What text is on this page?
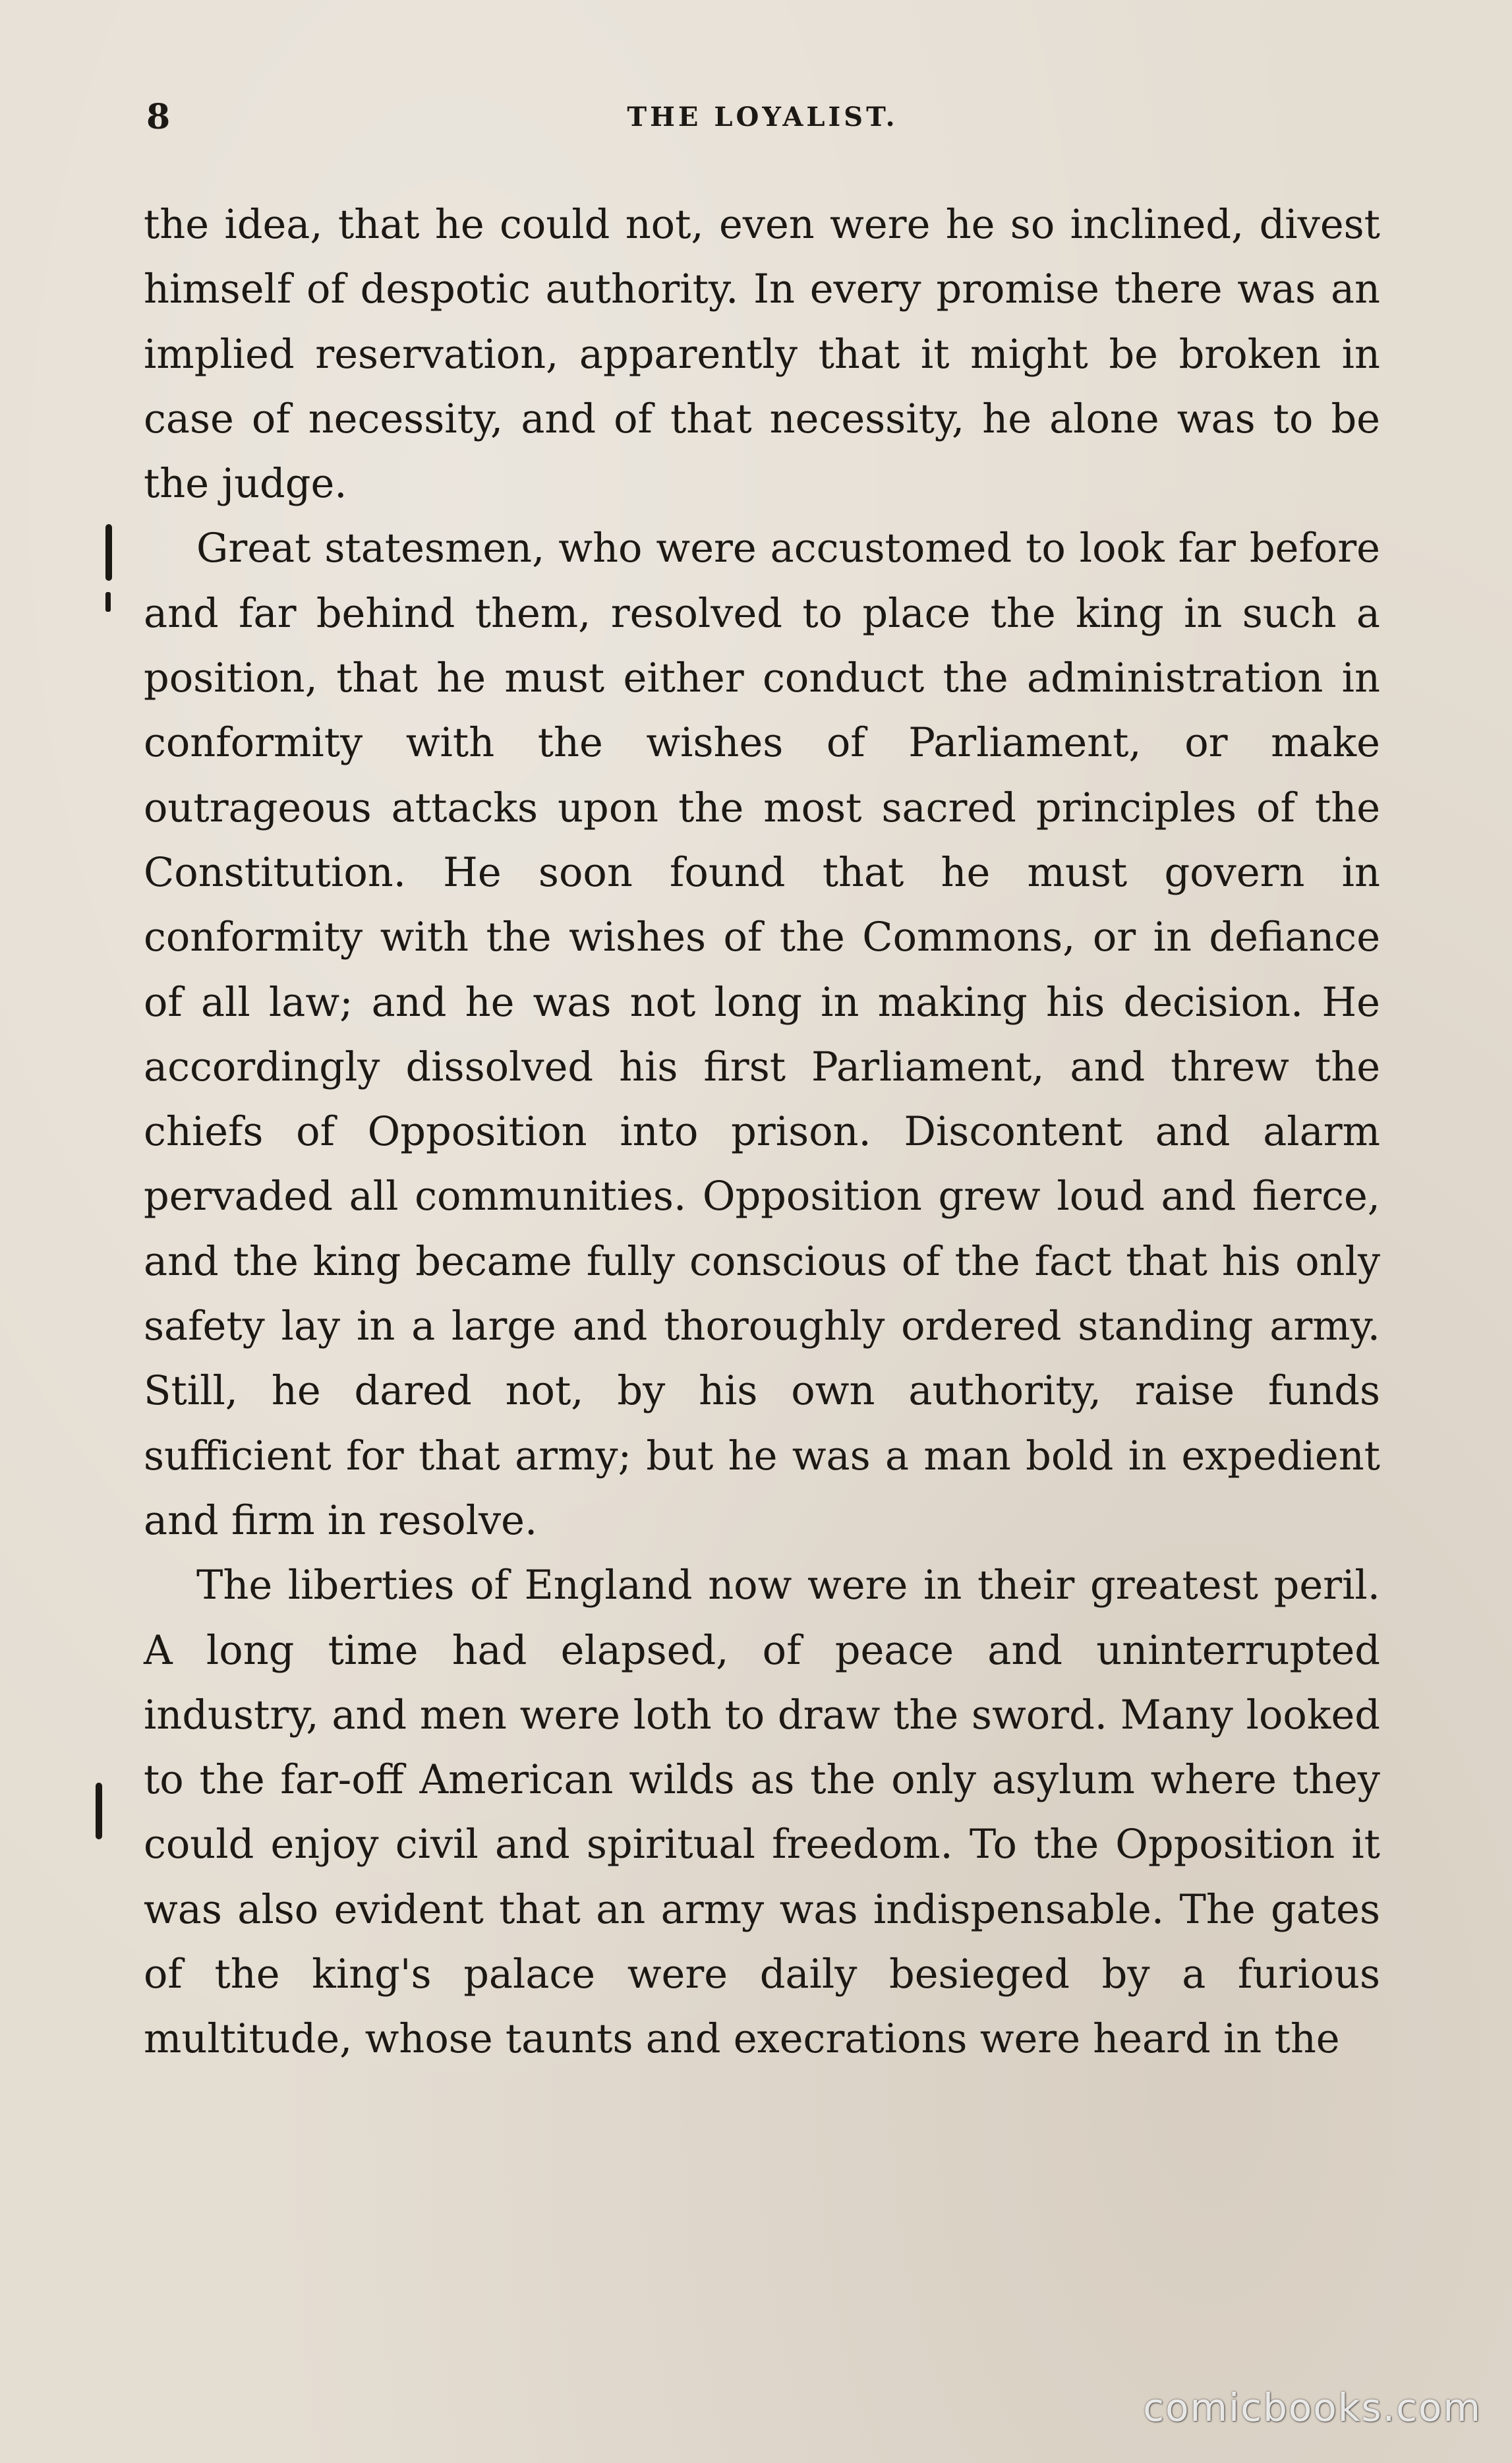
8	THE LOYALIST.

the idea, that he could not, even were he so inclined, divest himself of despotic authority. In every promise there was an implied reservation, apparently that it might be broken in case of necessity, and of that necessity, he alone was to be the judge.

Great statesmen, who were accustomed to look far before and far behind them, resolved to place the king in such a position, that he must either conduct the administration in conformity with the wishes of Parliament, or make outrageous attacks upon the most sacred principles of the Constitution. He soon found that he must govern in conformity with the wishes of the Commons, or in defiance of all law; and he was not long in making his decision. He accordingly dissolved his first Parliament, and threw the chiefs of Opposition into prison. Discontent and alarm pervaded all communities. Opposition grew loud and fierce, and the king became fully conscious of the fact that his only safety lay in a large and thoroughly ordered standing army. Still, he dared not, by his own authority, raise funds sufficient for that army; but he was a man bold in expedient and firm in resolve.

The liberties of England now were in their greatest peril. A long time had elapsed, of peace and uninterrupted industry, and men were loth to draw the sword. Many looked to the far-off American wilds as the only asylum where they could enjoy civil and spiritual freedom. To the Opposition it was also evident that an army was indispensable. The gates of the king's palace were daily besieged by a furious multitude, whose taunts and execrations were heard in the

comicbooks.com
